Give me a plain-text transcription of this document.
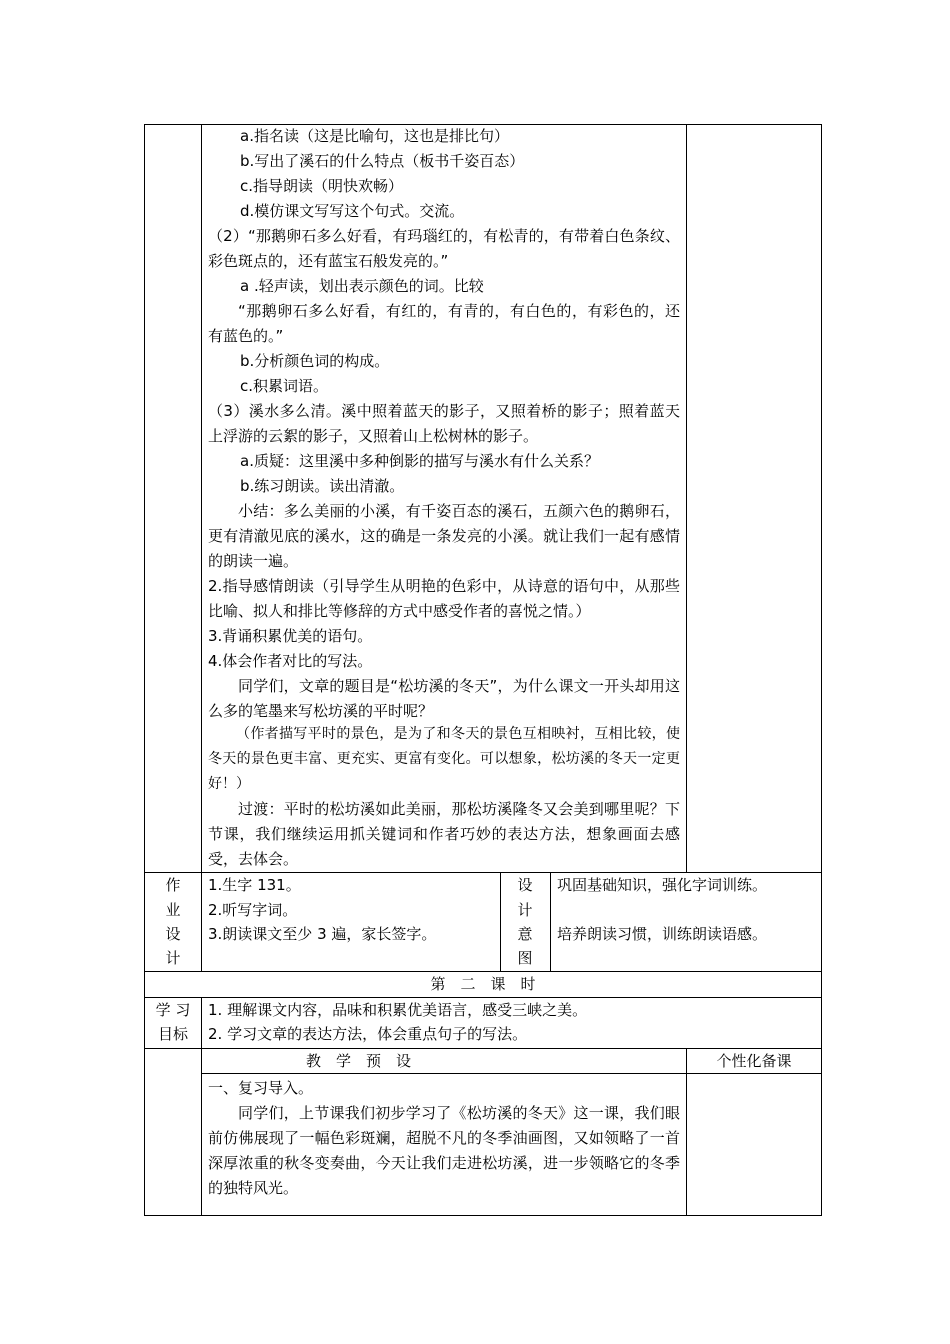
a.指名读（这是比喻句，这也是排比句）
b.写出了溪石的什么特点（板书千姿百态）
c.指导朗读（明快欢畅）
d.模仿课文写写这个句式。交流。
（2）“那鹅卵石多么好看，有玛瑙红的，有松青的，有带着白色条纹、彩色斑点的，还有蓝宝石般发亮的。”
a .轻声读，划出表示颜色的词。比较
“那鹅卵石多么好看，有红的，有青的，有白色的，有彩色的，还有蓝色的。”
b.分析颜色词的构成。
c.积累词语。
（3）溪水多么清。溪中照着蓝天的影子，又照着桥的影子；照着蓝天上浮游的云絮的影子，又照着山上松树林的影子。
a.质疑：这里溪中多种倒影的描写与溪水有什么关系？
b.练习朗读。读出清澈。
小结：多么美丽的小溪，有千姿百态的溪石，五颜六色的鹅卵石，更有清澈见底的溪水，这的确是一条发亮的小溪。就让我们一起有感情的朗读一遍。
2.指导感情朗读（引导学生从明艳的色彩中，从诗意的语句中，从那些比喻、拟人和排比等修辞的方式中感受作者的喜悦之情。）
3.背诵积累优美的语句。
4.体会作者对比的写法。
同学们，文章的题目是“松坊溪的冬天”，为什么课文一开头却用这么多的笔墨来写松坊溪的平时呢？
（作者描写平时的景色，是为了和冬天的景色互相映衬，互相比较，使冬天的景色更丰富、更充实、更富有变化。可以想象，松坊溪的冬天一定更好！）
过渡：平时的松坊溪如此美丽，那松坊溪隆冬又会美到哪里呢？下节课，我们继续运用抓关键词和作者巧妙的表达方法，想象画面去感受，去体会。
作
业
设
计
1.生字 131。
2.听写字词。
3.朗读课文至少 3 遍，家长签字。
设
计
意
图
巩固基础知识，强化字词训练。
培养朗读习惯，训练朗读语感。
第　二　课　时
学 习
目标
1. 理解课文内容，品味和积累优美语言，感受三峡之美。
2. 学习文章的表达方法，体会重点句子的写法。
教　学　预　设	个性化备课
一、复习导入。
同学们，上节课我们初步学习了《松坊溪的冬天》这一课，我们眼前仿佛展现了一幅色彩斑斓，超脱不凡的冬季油画图，又如领略了一首深厚浓重的秋冬变奏曲，今天让我们走进松坊溪，进一步领略它的冬季的独特风光。
